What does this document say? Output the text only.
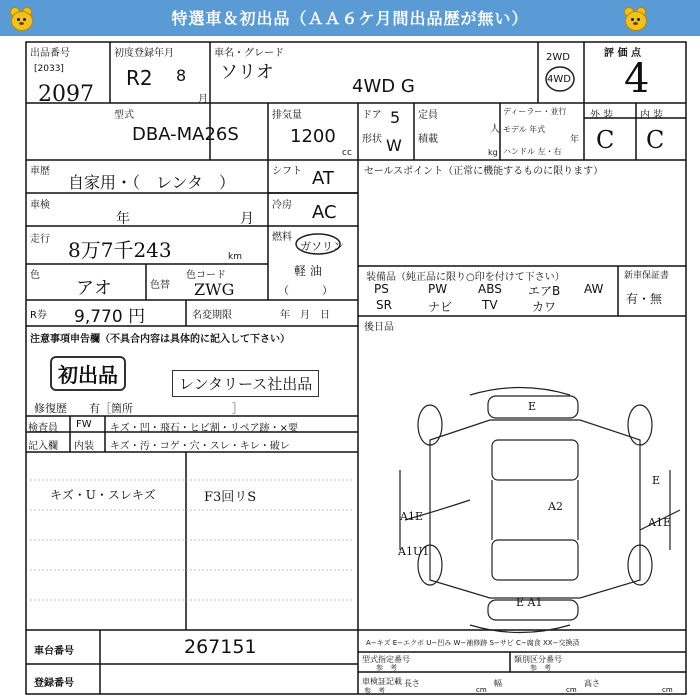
特選車＆初出品（ＡＡ６ケ月間出品歴が無い）
出品番号
[2033]
2097
初度登録年月
R2 8
月
車名・グレード
ソリオ
4WD G
2WD
4WD
評 価 点
4
型式
DBA-MA26S
排気量
1200
cc
ドア 5
形状 W
定員
人
積載
kg
ディーラー・並行
モデル 年式
年
ハンドル 左・右
外 装	内 装
C C
車歴
自家用・（　レンタ　）
シフト AT
車検
年	月
冷房 AC
走行 8万7千243	km
燃料
ガソリン
軽 油
（　　　）
色
アオ	色替
色コード
ZWG
R券 9,770 円	名変期限	年　月　日
注意事項申告欄（不具合内容は具体的に記入して下さい）
初出品	レンタリース社出品
修復歴　　有［箇所　　　　　　　　　］
検査員
記入欄
FW
内装
キズ・凹・飛石・ヒビ割・リペア跡・×要
キズ・汚・コゲ・穴・スレ・キレ・破レ
キズ・U・スレキズ	F3回リS
セールスポイント（正常に機能するものに限ります）
装備品（純正品に限り○印を付けて下さい）	新車保証書
PS	PW	ABS エアB AW
SR	ナビ TV	カワ
有・無
後日品
E
A2
A1E	A1E
A1U1
E A1
E
車台番号	267151
登録番号
A−キズ E−エクボ U−凹み W−補修跡 S−サビ C−腐食 XX−交換済
型式指定番号
参　考
類別区分番号
参　考
車検証記載
参　考
長さ
cm
幅
cm
高さ
cm
